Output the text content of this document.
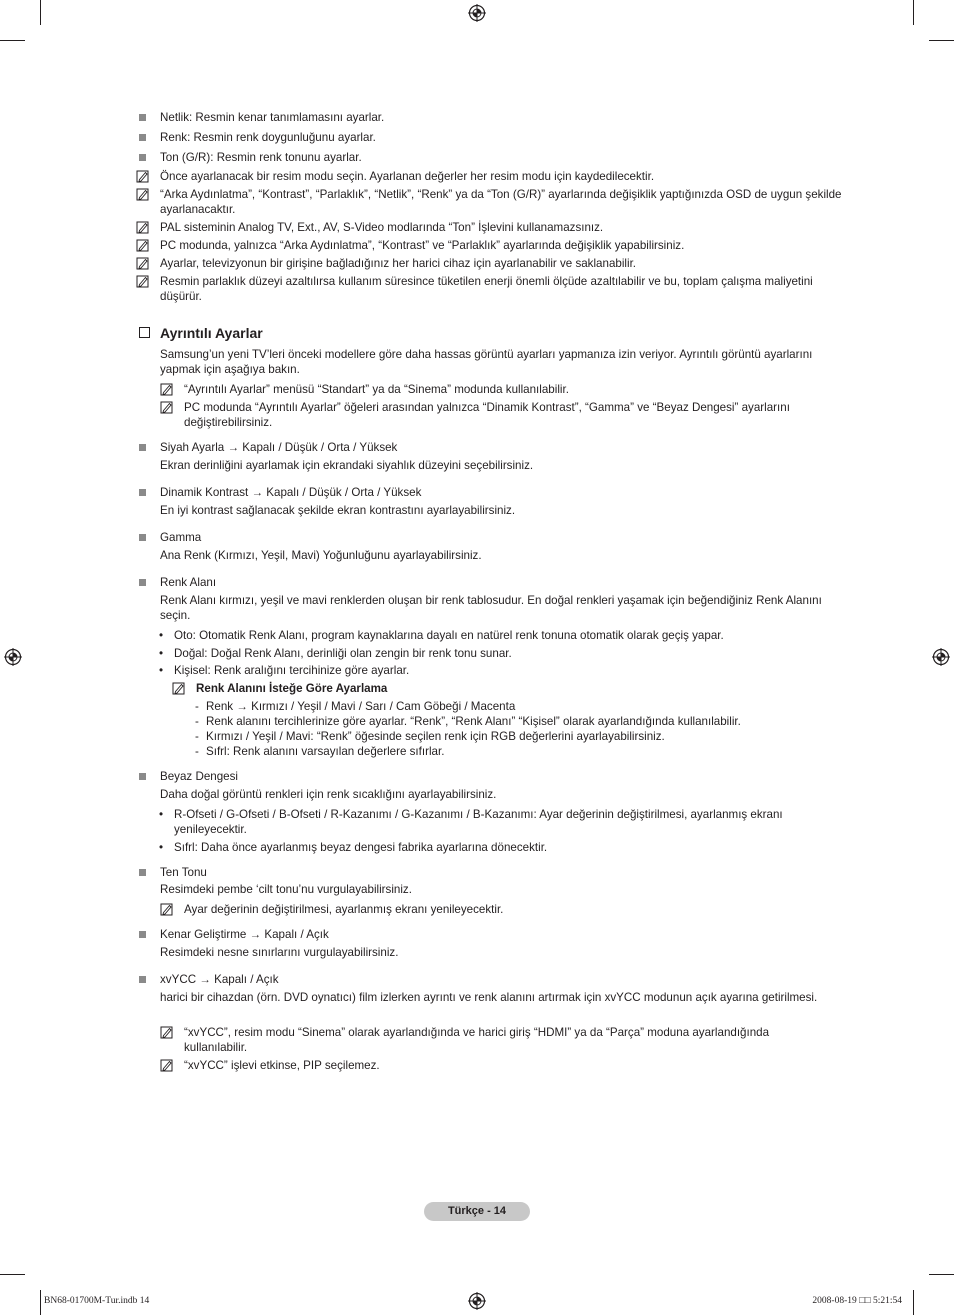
Netlik: Resmin kenar tanımlamasını ayarlar.
Renk: Resmin renk doygunluğunu ayarlar.
Ton (G/R): Resmin renk tonunu ayarlar.
Önce ayarlanacak bir resim modu seçin. Ayarlanan değerler her resim modu için kaydedilecektir.
“Arka Aydınlatma”, “Kontrast”, “Parlaklık”, “Netlik”, “Renk” ya da “Ton (G/R)” ayarlarında değişiklik yaptığınızda OSD de uygun şekilde ayarlanacaktır.
PAL sisteminin Analog TV, Ext., AV, S-Video modlarında “Ton” İşlevini kullanamazsınız.
PC modunda, yalnızca “Arka Aydınlatma”, “Kontrast” ve “Parlaklık” ayarlarında değişiklik yapabilirsiniz.
Ayarlar, televizyonun bir girişine bağladığınız her harici cihaz için ayarlanabilir ve saklanabilir.
Resmin parlaklık düzeyi azaltılırsa kullanım süresince tüketilen enerji önemli ölçüde azaltılabilir ve bu, toplam çalışma maliyetini düşürür.
Ayrıntılı Ayarlar
Samsung’un yeni TV’leri önceki modellere göre daha hassas görüntü ayarları yapmanıza izin veriyor. Ayrıntılı görüntü ayarlarını yapmak için aşağıya bakın.
“Ayrıntılı Ayarlar” menüsü “Standart” ya da “Sinema” modunda kullanılabilir.
PC modunda “Ayrıntılı Ayarlar” öğeleri arasından yalnızca “Dinamik Kontrast”, “Gamma” ve “Beyaz Dengesi” ayarlarını değiştirebilirsiniz.
Siyah Ayarla → Kapalı / Düşük / Orta / Yüksek
Ekran derinliğini ayarlamak için ekrandaki siyahlık düzeyini seçebilirsiniz.
Dinamik Kontrast → Kapalı / Düşük / Orta / Yüksek
En iyi kontrast sağlanacak şekilde ekran kontrastını ayarlayabilirsiniz.
Gamma
Ana Renk (Kırmızı, Yeşil, Mavi) Yoğunluğunu ayarlayabilirsiniz.
Renk Alanı
Renk Alanı kırmızı, yeşil ve mavi renklerden oluşan bir renk tablosudur. En doğal renkleri yaşamak için beğendiğiniz Renk Alanını seçin.
• Oto: Otomatik Renk Alanı, program kaynaklarına dayalı en natürel renk tonuna otomatik olarak geçiş yapar.
• Doğal: Doğal Renk Alanı, derinliği olan zengin bir renk tonu sunar.
• Kişisel: Renk aralığını tercihinize göre ayarlar.
Renk Alanını İsteğe Göre Ayarlama
- Renk → Kırmızı / Yeşil / Mavi / Sarı / Cam Göbeği / Macenta
- Renk alanını tercihlerinize göre ayarlar. “Renk”, “Renk Alanı” “Kişisel” olarak ayarlandığında kullanılabilir.
- Kırmızı / Yeşil / Mavi: “Renk” öğesinde seçilen renk için RGB değerlerini ayarlayabilirsiniz.
- Sıfrl: Renk alanını varsayılan değerlere sıfırlar.
Beyaz Dengesi
Daha doğal görüntü renkleri için renk sıcaklığını ayarlayabilirsiniz.
• R-Ofseti / G-Ofseti / B-Ofseti / R-Kazanımı / G-Kazanımı / B-Kazanımı: Ayar değerinin değiştirilmesi, ayarlanmış ekranı yenileyecektir.
• Sıfrl: Daha önce ayarlanmış beyaz dengesi fabrika ayarlarına dönecektir.
Ten Tonu
Resimdeki pembe ‘cilt tonu’nu vurgulayabilirsiniz.
Ayar değerinin değiştirilmesi, ayarlanmış ekranı yenileyecektir.
Kenar Geliştirme → Kapalı / Açık
Resimdeki nesne sınırlarını vurgulayabilirsiniz.
xvYCC → Kapalı / Açık
harici bir cihazdan (örn. DVD oynatıcı) film izlerken ayrıntı ve renk alanını artırmak için xvYCC modunun açık ayarına getirilmesi.
“xvYCC”, resim modu “Sinema” olarak ayarlandığında ve harici giriş “HDMI” ya da “Parça” moduna ayarlandığında kullanılabilir.
“xvYCC” işlevi etkinse, PIP seçilemez.
Türkçe - 14
BN68-01700M-Tur.indb 14	2008-08-19 □□ 5:21:54
